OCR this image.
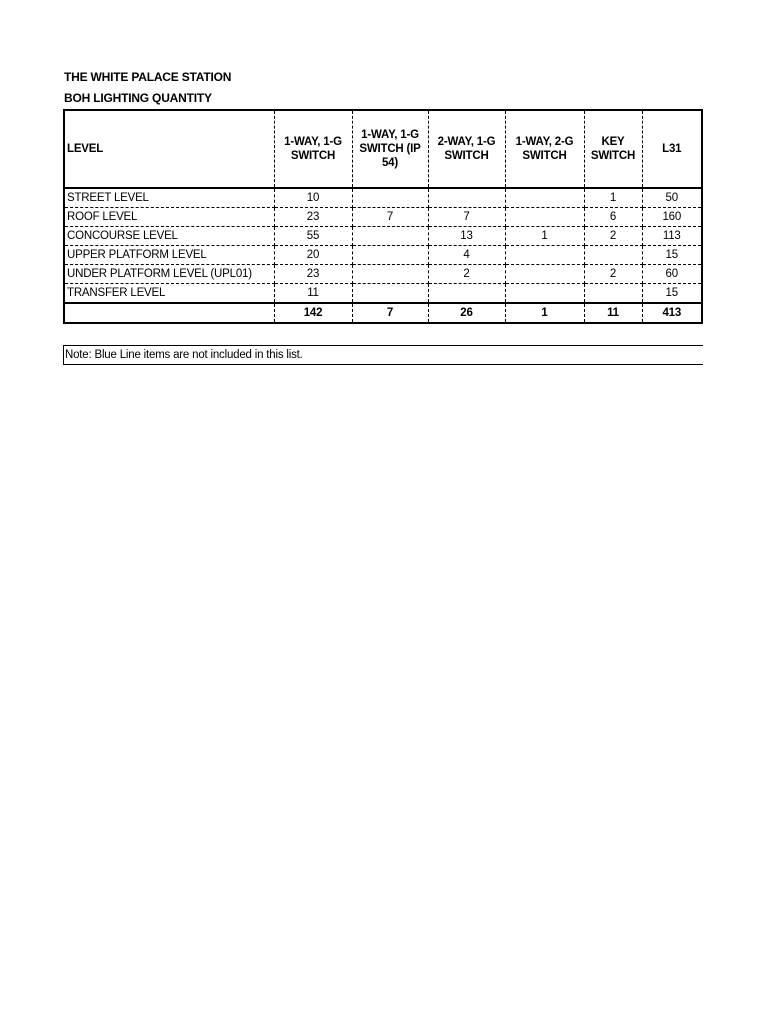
THE WHITE PALACE STATION
BOH LIGHTING QUANTITY
LEVEL	1-WAY, 1-G SWITCH	1-WAY, 1-G SWITCH (IP 54)	2-WAY, 1-G SWITCH	1-WAY, 2-G SWITCH	KEY SWITCH	L31
STREET LEVEL	10				1	50
ROOF LEVEL	23	7	7		6	160
CONCOURSE LEVEL	55		13	1	2	113
UPPER PLATFORM LEVEL	20		4			15
UNDER PLATFORM LEVEL (UPL01)	23		2		2	60
TRANSFER LEVEL	11					15
	142	7	26	1	11	413
Note: Blue Line items are not included in this list.
